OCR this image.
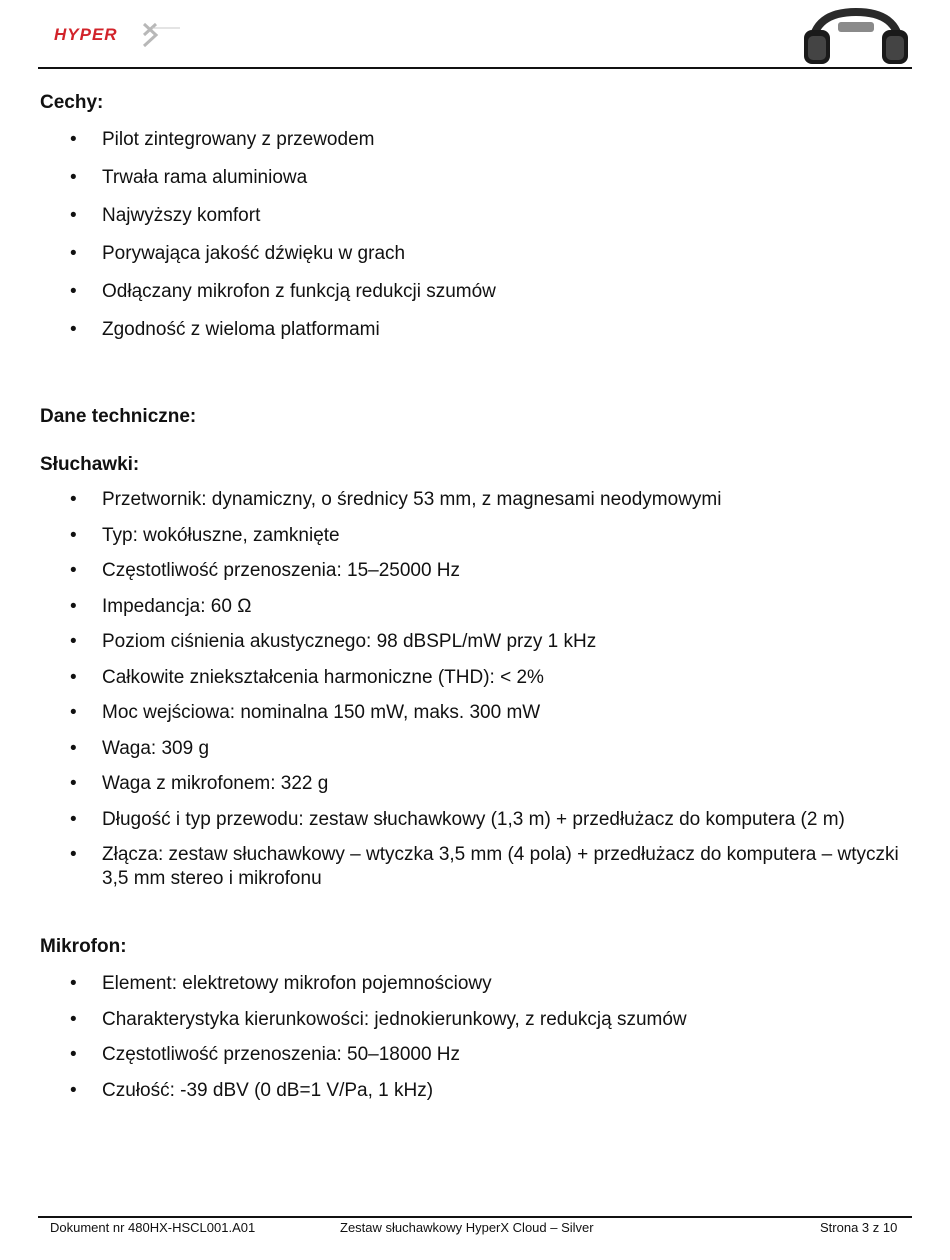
HYPER
Cechy:
• Pilot zintegrowany z przewodem
• Trwała rama aluminiowa
• Najwyższy komfort
• Porywająca jakość dźwięku w grach
• Odłączany mikrofon z funkcją redukcji szumów
• Zgodność z wieloma platformami
Dane techniczne:
Słuchawki:
• Przetwornik: dynamiczny, o średnicy 53 mm, z magnesami neodymowymi
• Typ: wokółuszne, zamknięte
• Częstotliwość przenoszenia: 15–25000 Hz
• Impedancja: 60 Ω
• Poziom ciśnienia akustycznego: 98 dBSPL/mW przy 1 kHz
• Całkowite zniekształcenia harmoniczne (THD): < 2%
• Moc wejściowa: nominalna 150 mW, maks. 300 mW
• Waga: 309 g
• Waga z mikrofonem: 322 g
• Długość i typ przewodu: zestaw słuchawkowy (1,3 m) + przedłużacz do komputera (2 m)
• Złącza: zestaw słuchawkowy – wtyczka 3,5 mm (4 pola) + przedłużacz do komputera – wtyczki 3,5 mm stereo i mikrofonu
Mikrofon:
• Element: elektretowy mikrofon pojemnościowy
• Charakterystyka kierunkowości: jednokierunkowy, z redukcją szumów
• Częstotliwość przenoszenia: 50–18000 Hz
• Czułość: -39 dBV (0 dB=1 V/Pa, 1 kHz)
Dokument nr 480HX-HSCL001.A01	Zestaw słuchawkowy HyperX Cloud – Silver	Strona 3 z 10
